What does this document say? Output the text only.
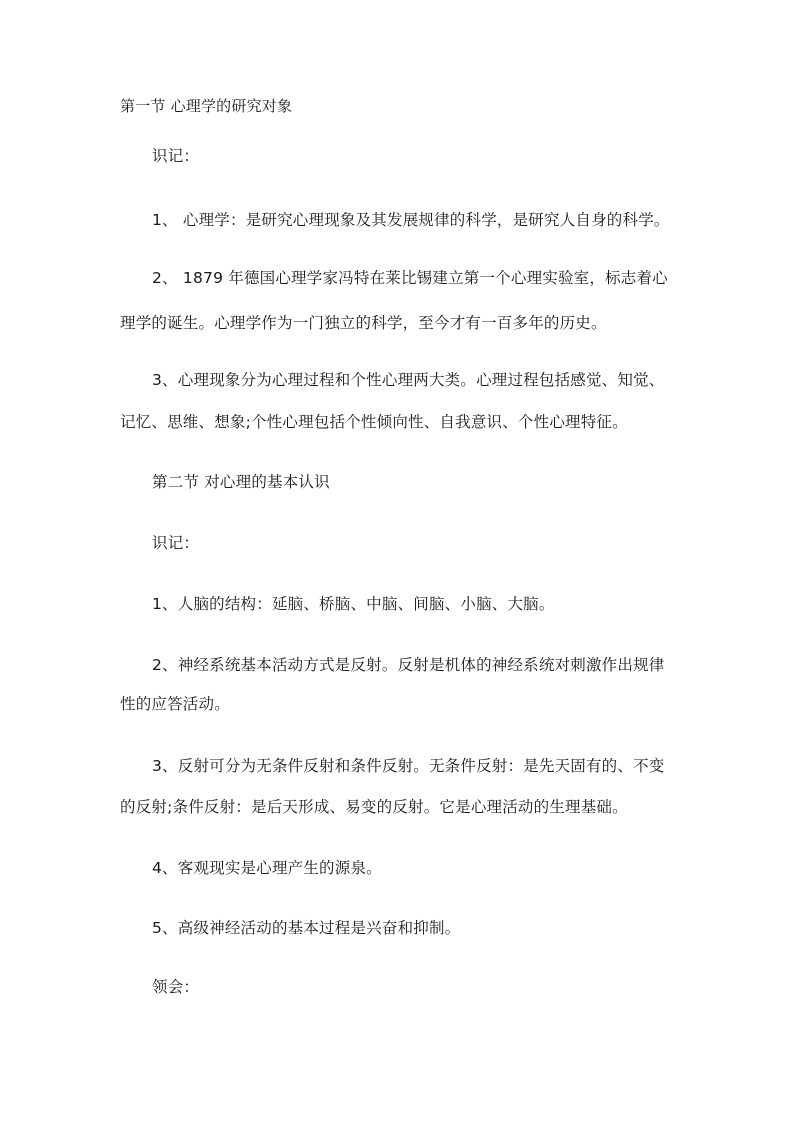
第一节 心理学的研究对象
识记：
1、 心理学：是研究心理现象及其发展规律的科学，是研究人自身的科学。
2、 1879 年德国心理学家冯特在莱比锡建立第一个心理实验室，标志着心
理学的诞生。心理学作为一门独立的科学，至今才有一百多年的历史。
3、心理现象分为心理过程和个性心理两大类。心理过程包括感觉、知觉、
记忆、思维、想象;个性心理包括个性倾向性、自我意识、个性心理特征。
第二节 对心理的基本认识
识记：
1、人脑的结构：延脑、桥脑、中脑、间脑、小脑、大脑。
2、神经系统基本活动方式是反射。反射是机体的神经系统对刺激作出规律
性的应答活动。
3、反射可分为无条件反射和条件反射。无条件反射：是先天固有的、不变
的反射;条件反射：是后天形成、易变的反射。它是心理活动的生理基础。
4、客观现实是心理产生的源泉。
5、高级神经活动的基本过程是兴奋和抑制。
领会：
